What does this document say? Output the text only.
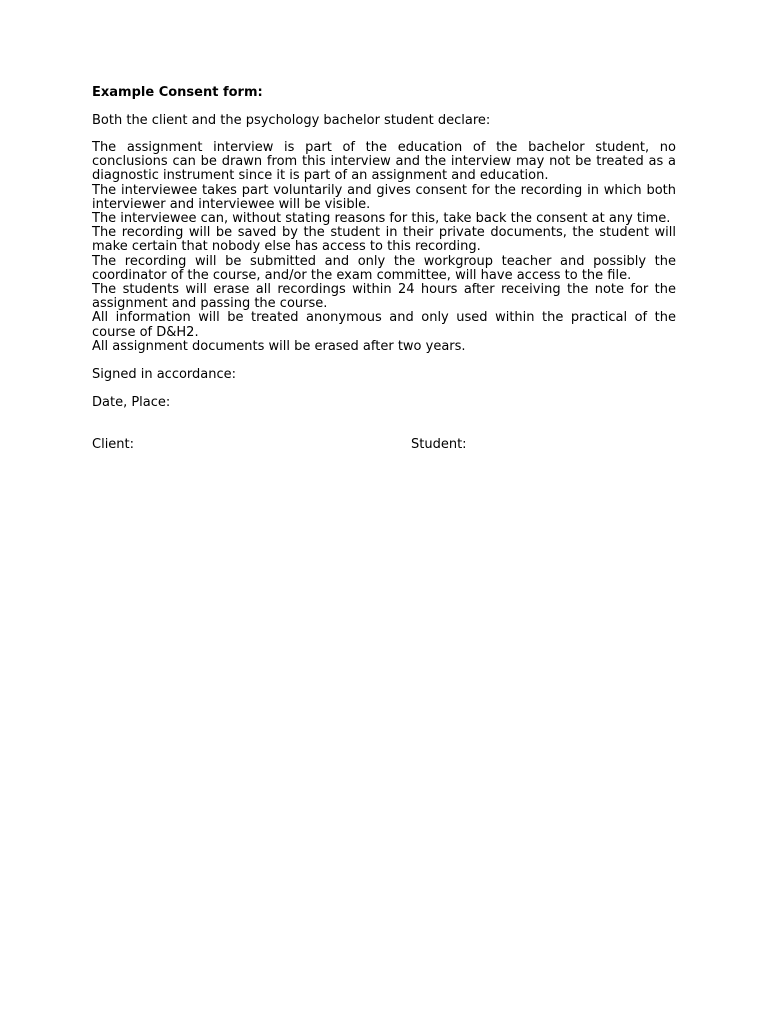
Example Consent form:
Both the client and the psychology bachelor student declare:

The assignment interview is part of the education of the bachelor student, no conclusions can be drawn from this interview and the interview may not be treated as a diagnostic instrument since it is part of an assignment and education.

The interviewee takes part voluntarily and gives consent for the recording in which both interviewer and interviewee will be visible.

The interviewee can, without stating reasons for this, take back the consent at any time.

The recording will be saved by the student in their private documents, the student will make certain that nobody else has access to this recording.

The recording will be submitted and only the workgroup teacher and possibly the coordinator of the course, and/or the exam committee, will have access to the file.

The students will erase all recordings within 24 hours after receiving the note for the assignment and passing the course.

All information will be treated anonymous and only used within the practical of the course of D&H2.

All assignment documents will be erased after two years.

Signed in accordance:
Date, Place:
Client:	Student:
